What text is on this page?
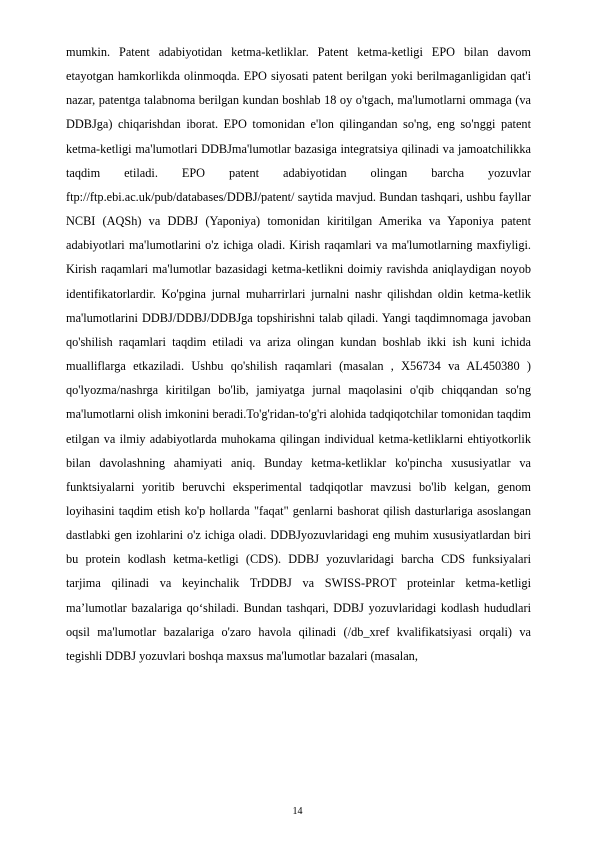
mumkin. Patent adabiyotidan ketma-ketliklar. Patent ketma-ketligi EPO bilan davom etayotgan hamkorlikda olinmoqda. EPO siyosati patent berilgan yoki berilmaganligidan qat'i nazar, patentga talabnoma berilgan kundan boshlab 18 oy o'tgach, ma'lumotlarni ommaga (va DDBJga) chiqarishdan iborat. EPO tomonidan e'lon qilingandan so'ng, eng so'nggi patent ketma-ketligi ma'lumotlari DDBJma'lumotlar bazasiga integratsiya qilinadi va jamoatchilikka taqdim etiladi. EPO patent adabiyotidan olingan barcha yozuvlar ftp://ftp.ebi.ac.uk/pub/databases/DDBJ/patent/ saytida mavjud. Bundan tashqari, ushbu fayllar NCBI (AQSh) va DDBJ (Yaponiya) tomonidan kiritilgan Amerika va Yaponiya patent adabiyotlari ma'lumotlarini o'z ichiga oladi. Kirish raqamlari va ma'lumotlarning maxfiyligi. Kirish raqamlari ma'lumotlar bazasidagi ketma-ketlikni doimiy ravishda aniqlaydigan noyob identifikatorlardir. Ko'pgina jurnal muharrirlari jurnalni nashr qilishdan oldin ketma-ketlik ma'lumotlarini DDBJ/DDBJ/DDBJga topshirishni talab qiladi. Yangi taqdimnomaga javoban qo'shilish raqamlari taqdim etiladi va ariza olingan kundan boshlab ikki ish kuni ichida mualliflarga etkaziladi. Ushbu qo'shilish raqamlari (masalan , X56734 va AL450380 ) qo'lyozma/nashrga kiritilgan bo'lib, jamiyatga jurnal maqolasini o'qib chiqqandan so'ng ma'lumotlarni olish imkonini beradi.To'g'ridan-to'g'ri alohida tadqiqotchilar tomonidan taqdim etilgan va ilmiy adabiyotlarda muhokama qilingan individual ketma-ketliklarni ehtiyotkorlik bilan davolashning ahamiyati aniq. Bunday ketma-ketliklar ko'pincha xususiyatlar va funktsiyalarni yoritib beruvchi eksperimental tadqiqotlar mavzusi bo'lib kelgan, genom loyihasini taqdim etish ko'p hollarda "faqat" genlarni bashorat qilish dasturlariga asoslangan dastlabki gen izohlarini o'z ichiga oladi. DDBJyozuvlaridagi eng muhim xususiyatlardan biri bu protein kodlash ketma-ketligi (CDS). DDBJ yozuvlaridagi barcha CDS funksiyalari tarjima qilinadi va keyinchalik TrDDBJ va SWISS-PROT proteinlar ketma-ketligi ma’lumotlar bazalariga qo‘shiladi. Bundan tashqari, DDBJ yozuvlaridagi kodlash hududlari oqsil ma'lumotlar bazalariga o'zaro havola qilinadi (/db_xref kvalifikatsiyasi orqali) va tegishli DDBJ yozuvlari boshqa maxsus ma'lumotlar bazalari (masalan,

14
